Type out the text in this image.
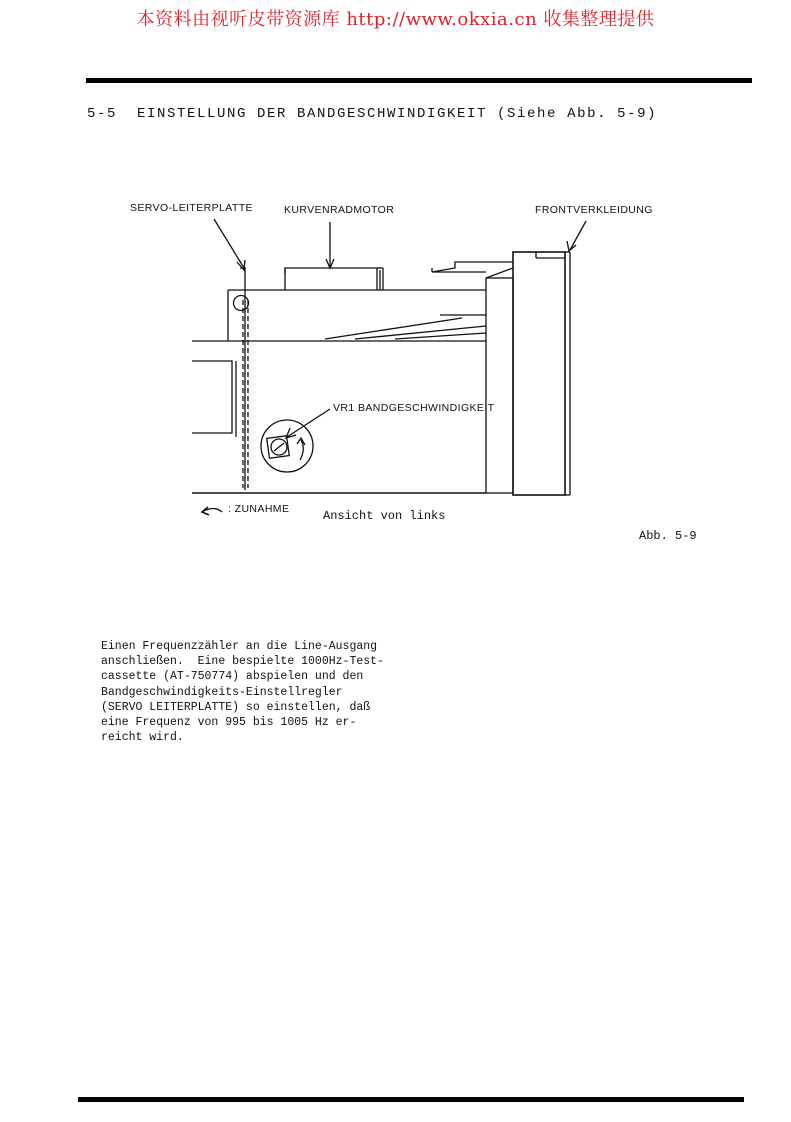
本资料由视听皮带资源库 http://www.okxia.cn 收集整理提供
5-5  EINSTELLUNG DER BANDGESCHWINDIGKEIT (Siehe Abb. 5-9)
SERVO-LEITERPLATTE	KURVENRADMOTOR	FRONTVERKLEIDUNG
VR1 BANDGESCHWINDIGKEIT
: ZUNAHME	Ansicht von links
Abb. 5-9
Einen Frequenzzähler an die Line-Ausgang
anschließen.  Eine bespielte 1000Hz-Test-
cassette (AT-750774) abspielen und den
Bandgeschwindigkeits-Einstellregler
(SERVO LEITERPLATTE) so einstellen, daß
eine Frequenz von 995 bis 1005 Hz er-
reicht wird.
